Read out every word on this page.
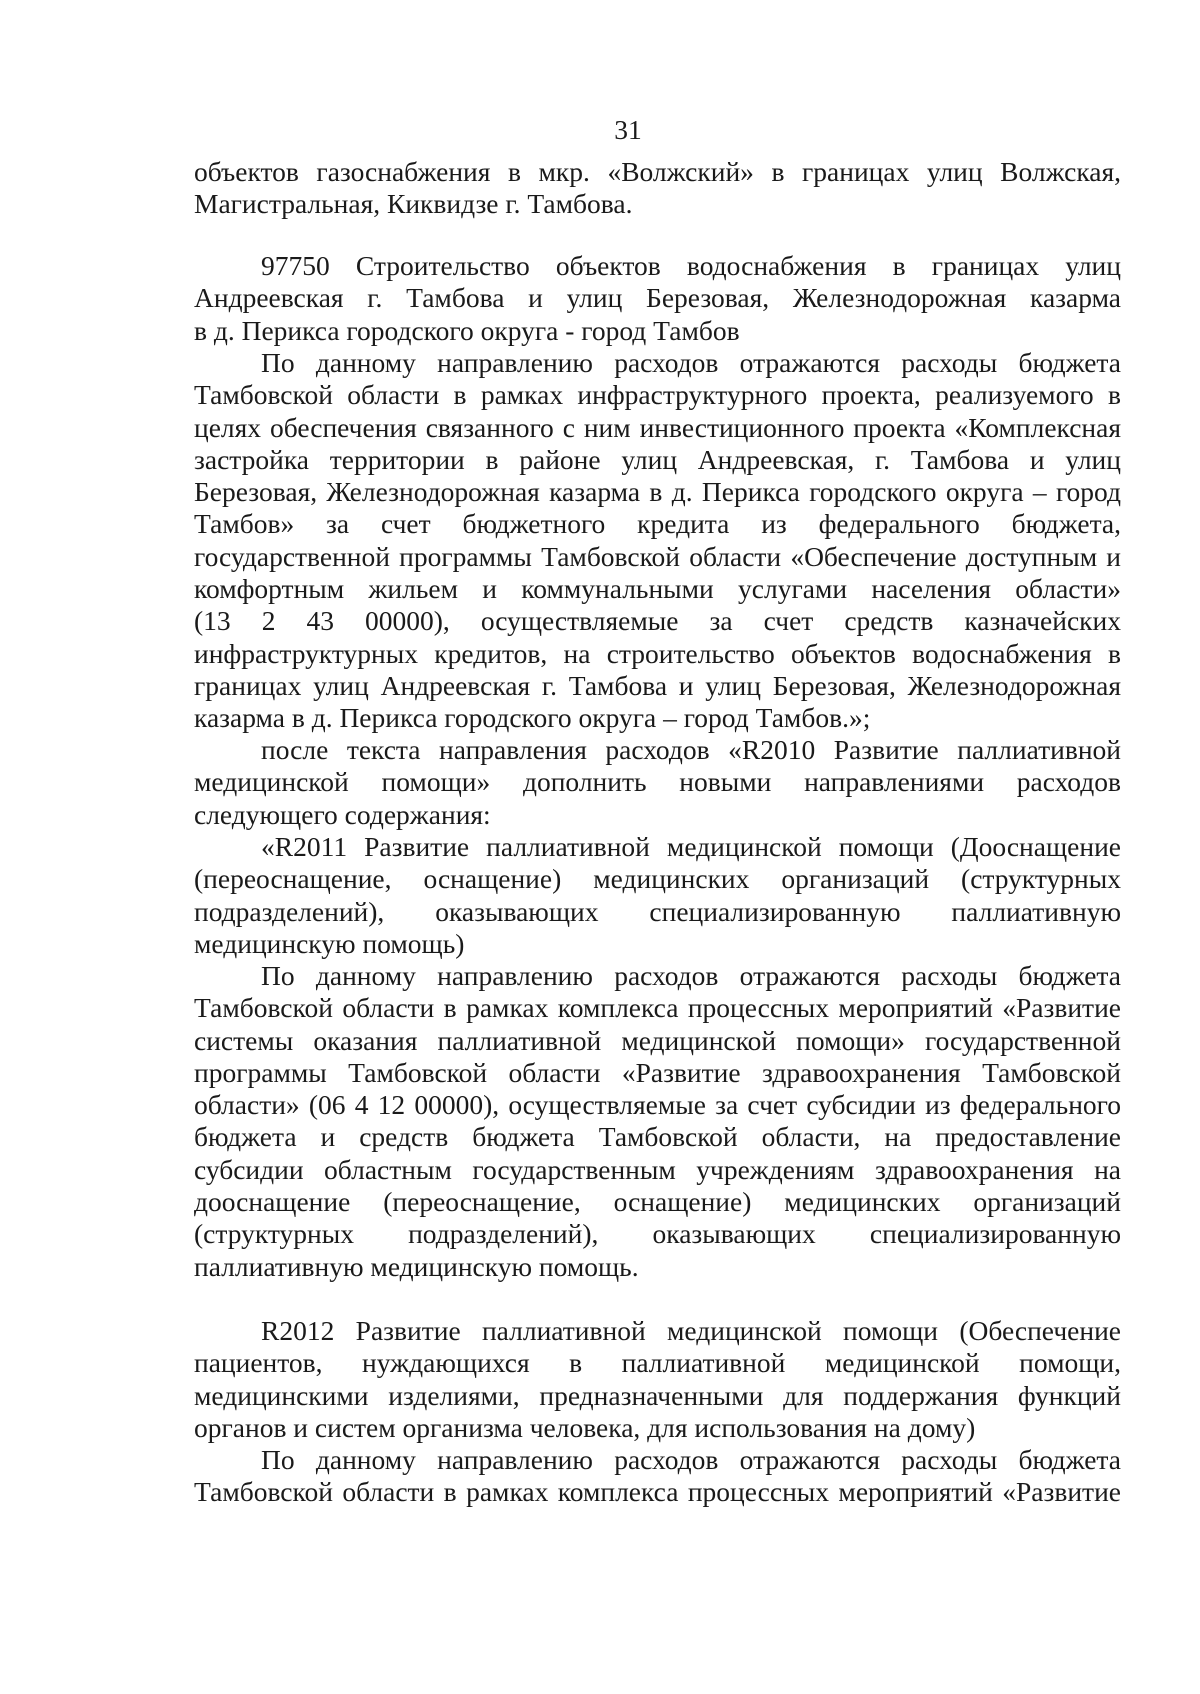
31
объектов газоснабжения в мкр. «Волжский» в границах улиц Волжская,
Магистральная, Киквидзе г. Тамбова.
97750 Строительство объектов водоснабжения в границах улиц
Андреевская г. Тамбова и улиц Березовая, Железнодорожная казарма
в д. Перикса городского округа - город Тамбов
По данному направлению расходов отражаются расходы бюджета
Тамбовской области в рамках инфраструктурного проекта, реализуемого в
целях обеспечения связанного с ним инвестиционного проекта «Комплексная
застройка территории в районе улиц Андреевская, г. Тамбова и улиц
Березовая, Железнодорожная казарма в д. Перикса городского округа – город
Тамбов» за счет бюджетного кредита из федерального бюджета,
государственной программы Тамбовской области «Обеспечение доступным и
комфортным жильем и коммунальными услугами населения области»
(13 2 43 00000), осуществляемые за счет средств казначейских
инфраструктурных кредитов, на строительство объектов водоснабжения в
границах улиц Андреевская г. Тамбова и улиц Березовая, Железнодорожная
казарма в д. Перикса городского округа – город Тамбов.»;
после текста направления расходов «R2010 Развитие паллиативной
медицинской помощи» дополнить новыми направлениями расходов
следующего содержания:
«R2011 Развитие паллиативной медицинской помощи (Дооснащение
(переоснащение, оснащение) медицинских организаций (структурных
подразделений), оказывающих специализированную паллиативную
медицинскую помощь)
По данному направлению расходов отражаются расходы бюджета
Тамбовской области в рамках комплекса процессных мероприятий «Развитие
системы оказания паллиативной медицинской помощи» государственной
программы Тамбовской области «Развитие здравоохранения Тамбовской
области» (06 4 12 00000), осуществляемые за счет субсидии из федерального
бюджета и средств бюджета Тамбовской области, на предоставление
субсидии областным государственным учреждениям здравоохранения на
дооснащение (переоснащение, оснащение) медицинских организаций
(структурных подразделений), оказывающих специализированную
паллиативную медицинскую помощь.
R2012 Развитие паллиативной медицинской помощи (Обеспечение
пациентов, нуждающихся в паллиативной медицинской помощи,
медицинскими изделиями, предназначенными для поддержания функций
органов и систем организма человека, для использования на дому)
По данному направлению расходов отражаются расходы бюджета
Тамбовской области в рамках комплекса процессных мероприятий «Развитие
